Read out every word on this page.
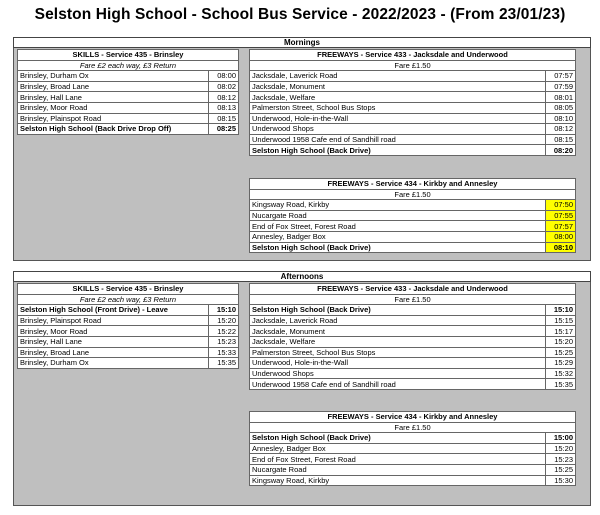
Selston High School - School Bus Service - 2022/2023 - (From 23/01/23)
Mornings
SKILLS - Service 435 - Brinsley	
Fare £2 each way, £3 Return	
Brinsley, Durham Ox	08:00
Brinsley, Broad Lane	08:02
Brinsley, Hall Lane	08:12
Brinsley, Moor Road	08:13
Brinsley, Plainspot Road	08:15
Selston High School (Back Drive Drop Off)	08:25
FREEWAYS - Service 433 - Jacksdale and Underwood	
Fare £1.50	
Jacksdale, Laverick Road	07:57
Jacksdale, Monument	07:59
Jacksdale, Welfare	08:01
Palmerston Street, School Bus Stops	08:05
Underwood, Hole-in-the-Wall	08:10
Underwood Shops	08:12
Underwood 1958 Cafe end of Sandhill road	08:15
Selston High School (Back Drive)	08:20
FREEWAYS - Service 434 - Kirkby and Annesley	
Fare £1.50	
Kingsway Road, Kirkby	07:50
Nucargate Road	07:55
End of Fox Street, Forest Road	07:57
Annesley, Badger Box	08:00
Selston High School (Back Drive)	08:10
Afternoons
SKILLS - Service 435 - Brinsley	
Fare £2 each way, £3 Return	
Selston High School (Front Drive) - Leave	15:10
Brinsley, Plainspot Road	15:20
Brinsley, Moor Road	15:22
Brinsley, Hall Lane	15:23
Brinsley, Broad Lane	15:33
Brinsley, Durham Ox	15:35
FREEWAYS - Service 433 - Jacksdale and Underwood	
Fare £1.50	
Selston High School (Back Drive)	15:10
Jacksdale, Laverick Road	15:15
Jacksdale, Monument	15:17
Jacksdale, Welfare	15:20
Palmerston Street, School Bus Stops	15:25
Underwood, Hole-in-the-Wall	15:29
Underwood Shops	15:32
Underwood 1958 Cafe end of Sandhill road	15:35
FREEWAYS - Service 434 - Kirkby and Annesley	
Fare £1.50	
Selston High School (Back Drive)	15:00
Annesley, Badger Box	15:20
End of Fox Street, Forest Road	15:23
Nucargate Road	15:25
Kingsway Road, Kirkby	15:30
